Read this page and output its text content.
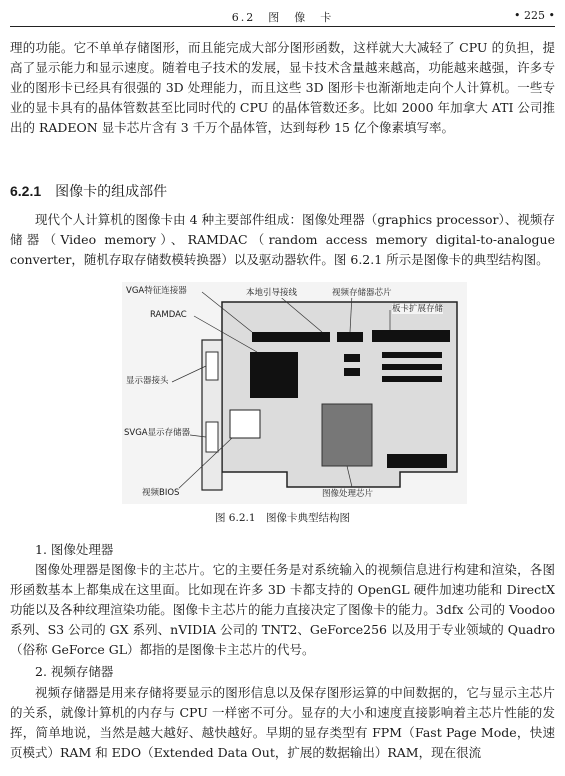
6.2　图　像　卡	• 225 •
理的功能。它不单单存储图形，而且能完成大部分图形函数，这样就大大减轻了 CPU 的负担，提高了显示能力和显示速度。随着电子技术的发展，显卡技术含量越来越高，功能越来越强，许多专业的图形卡已经具有很强的 3D 处理能力，而且这些 3D 图形卡也渐渐地走向个人计算机。一些专业的显卡具有的晶体管数甚至比同时代的 CPU 的晶体管数还多。比如 2000 年加拿大 ATI 公司推出的 RADEON 显卡芯片含有 3 千万个晶体管，达到每秒 15 亿个像素填写率。
6.2.1 图像卡的组成部件
现代个人计算机的图像卡由 4 种主要部件组成：图像处理器（graphics processor）、视频存储器（Video memory）、RAMDAC（random access memory digital-to-analogue converter，随机存取存储数模转换器）以及驱动器软件。图 6.2.1 所示是图像卡的典型结构图。
VGA特征连接器
RAMDAC
本地引导接线	视频存储器芯片
板卡扩展存储
显示器接头
SVGA显示存储器
视频BIOS	图像处理芯片
图 6.2.1　图像卡典型结构图
1. 图像处理器
图像处理器是图像卡的主芯片。它的主要任务是对系统输入的视频信息进行构建和渲染，各图形函数基本上都集成在这里面。比如现在许多 3D 卡都支持的 OpenGL 硬件加速功能和 DirectX 功能以及各种纹理渲染功能。图像卡主芯片的能力直接决定了图像卡的能力。3dfx 公司的 Voodoo 系列、S3 公司的 GX 系列、nVIDIA 公司的 TNT2、GeForce256 以及用于专业领域的 Quadro（俗称 GeForce GL）都指的是图像卡主芯片的代号。
2. 视频存储器
视频存储器是用来存储将要显示的图形信息以及保存图形运算的中间数据的，它与显示主芯片的关系，就像计算机的内存与 CPU 一样密不可分。显存的大小和速度直接影响着主芯片性能的发挥，简单地说，当然是越大越好、越快越好。早期的显存类型有 FPM（Fast Page Mode，快速页模式）RAM 和 EDO（Extended Data Out，扩展的数据输出）RAM，现在很流
